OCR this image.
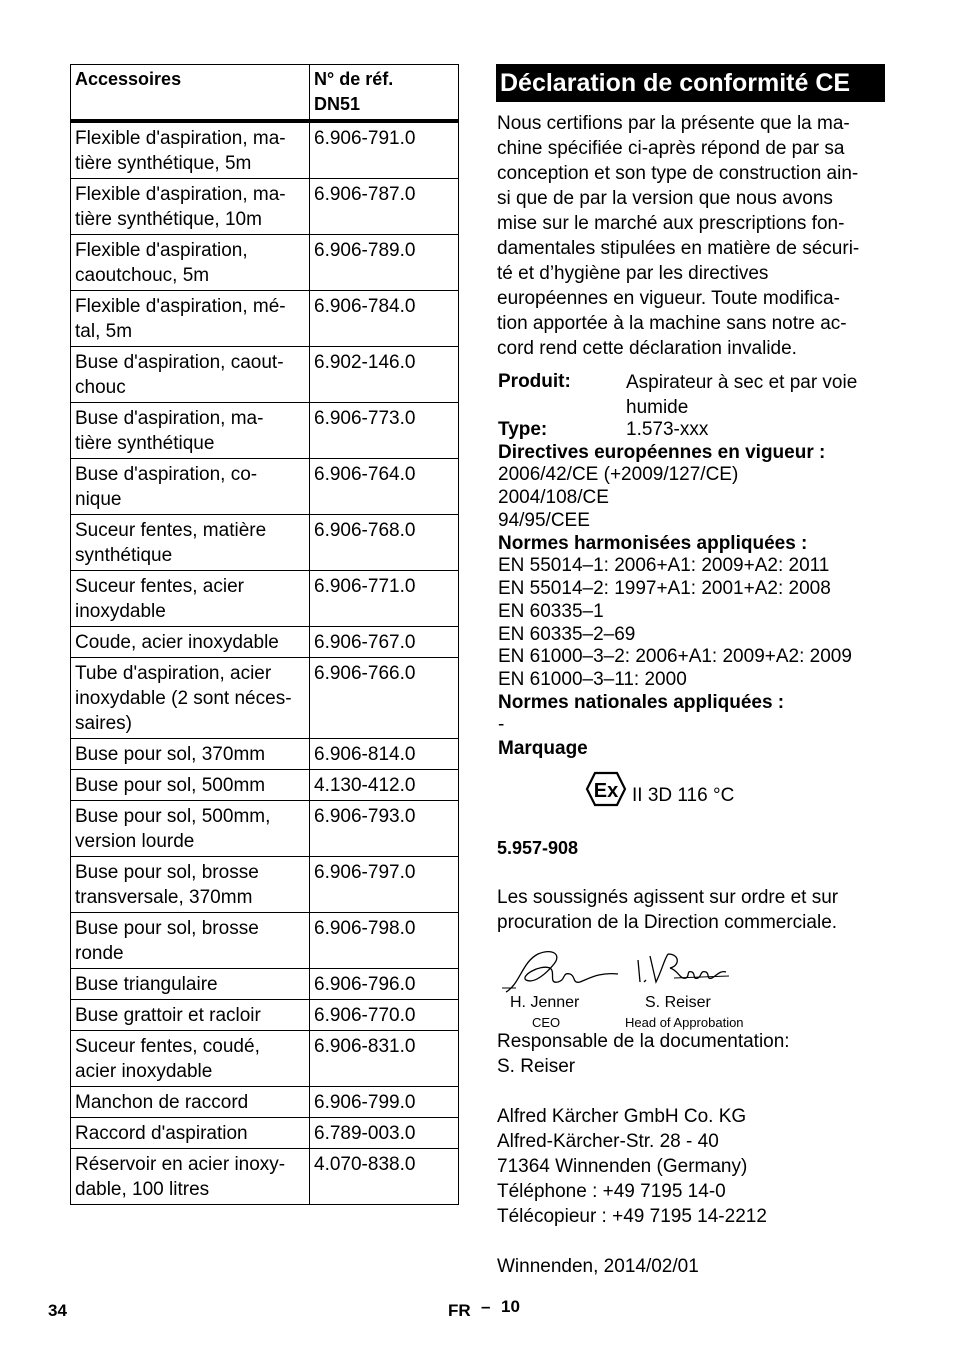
Accessoires	N° de réf.
DN51
Flexible d'aspiration, ma-
tière synthétique, 5m	6.906-791.0
Flexible d'aspiration, ma-
tière synthétique, 10m	6.906-787.0
Flexible d'aspiration,
caoutchouc, 5m	6.906-789.0
Flexible d'aspiration, mé-
tal, 5m	6.906-784.0
Buse d'aspiration, caout-
chouc	6.902-146.0
Buse d'aspiration, ma-
tière synthétique	6.906-773.0
Buse d'aspiration, co-
nique	6.906-764.0
Suceur fentes, matière
synthétique	6.906-768.0
Suceur fentes, acier
inoxydable	6.906-771.0
Coude, acier inoxydable	6.906-767.0
Tube d'aspiration, acier
inoxydable (2 sont néces-
saires)	6.906-766.0
Buse pour sol, 370mm	6.906-814.0
Buse pour sol, 500mm	4.130-412.0
Buse pour sol, 500mm,
version lourde	6.906-793.0
Buse pour sol, brosse
transversale, 370mm	6.906-797.0
Buse pour sol, brosse
ronde	6.906-798.0
Buse triangulaire	6.906-796.0
Buse grattoir et racloir	6.906-770.0
Suceur fentes, coudé,
acier inoxydable	6.906-831.0
Manchon de raccord	6.906-799.0
Raccord d'aspiration	6.789-003.0
Réservoir en acier inoxy-
dable, 100 litres	4.070-838.0
Déclaration de conformité CE
Nous certifions par la présente que la ma-
chine spécifiée ci-après répond de par sa
conception et son type de construction ain-
si que de par la version que nous avons
mise sur le marché aux prescriptions fon-
damentales stipulées en matière de sécuri-
té et d’hygiène par les directives
européennes en vigueur. Toute modifica-
tion apportée à la machine sans notre ac-
cord rend cette déclaration invalide.
Produit:	Aspirateur à sec et par voie
humide
Type:	1.573-xxx
Directives européennes en vigueur :
2006/42/CE (+2009/127/CE)
2004/108/CE
94/95/CEE
Normes harmonisées appliquées :
EN 55014–1: 2006+A1: 2009+A2: 2011
EN 55014–2: 1997+A1: 2001+A2: 2008
EN 60335–1
EN 60335–2–69
EN 61000–3–2: 2006+A1: 2009+A2: 2009
EN 61000–3–11: 2000
Normes nationales appliquées :
-
Marquage
Ex II 3D 116 °C
5.957-908
Les soussignés agissent sur ordre et sur
procuration de la Direction commerciale.
H. Jenner
CEO
S. Reiser
Head of Approbation
Responsable de la documentation:
S. Reiser
Alfred Kärcher GmbH Co. KG
Alfred-Kärcher-Str. 28 - 40
71364 Winnenden (Germany)
Téléphone : +49 7195 14-0
Télécopieur : +49 7195 14-2212
Winnenden, 2014/02/01
34	FR – 10
